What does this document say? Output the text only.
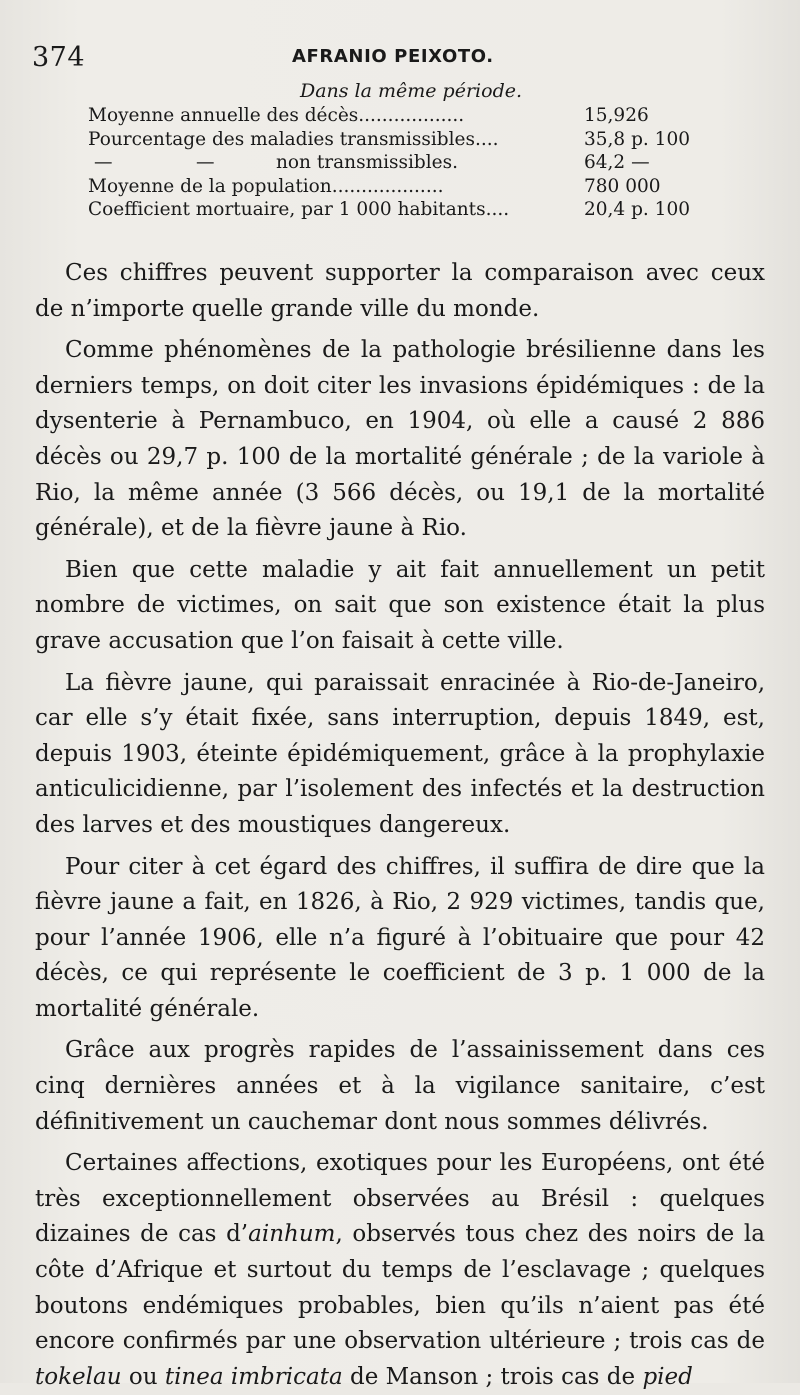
374	AFRANIO PEIXOTO.
Dans la même période.
Moyenne annuelle des décès..................	15,926
Pourcentage des maladies transmissibles....	35,8 p. 100
—	—	non transmissibles.	64,2 —
Moyenne de la population...................	780 000
Coefficient mortuaire, par 1 000 habitants....	20,4 p. 100

Ces chiffres peuvent supporter la comparaison avec ceux de n’importe quelle grande ville du monde.

Comme phénomènes de la pathologie brésilienne dans les derniers temps, on doit citer les invasions épidémiques : de la dysenterie à Pernambuco, en 1904, où elle a causé 2 886 décès ou 29,7 p. 100 de la mortalité générale ; de la variole à Rio, la même année (3 566 décès, ou 19,1 de la mortalité générale), et de la fièvre jaune à Rio.

Bien que cette maladie y ait fait annuellement un petit nombre de victimes, on sait que son existence était la plus grave accusation que l’on faisait à cette ville.

La fièvre jaune, qui paraissait enracinée à Rio-de-Janeiro, car elle s’y était fixée, sans interruption, depuis 1849, est, depuis 1903, éteinte épidémiquement, grâce à la prophylaxie anticulicidienne, par l’isolement des infectés et la destruction des larves et des moustiques dangereux.

Pour citer à cet égard des chiffres, il suffira de dire que la fièvre jaune a fait, en 1826, à Rio, 2 929 victimes, tandis que, pour l’année 1906, elle n’a figuré à l’obituaire que pour 42 décès, ce qui représente le coefficient de 3 p. 1 000 de la mortalité générale.

Grâce aux progrès rapides de l’assainissement dans ces cinq dernières années et à la vigilance sanitaire, c’est définitivement un cauchemar dont nous sommes délivrés.

Certaines affections, exotiques pour les Européens, ont été très exceptionnellement observées au Brésil : quelques dizaines de cas d’ainhum, observés tous chez des noirs de la côte d’Afrique et surtout du temps de l’esclavage ; quelques boutons endémiques probables, bien qu’ils n’aient pas été encore confirmés par une observation ultérieure ; trois cas de tokelau ou tinea imbricata de Manson ; trois cas de pied
